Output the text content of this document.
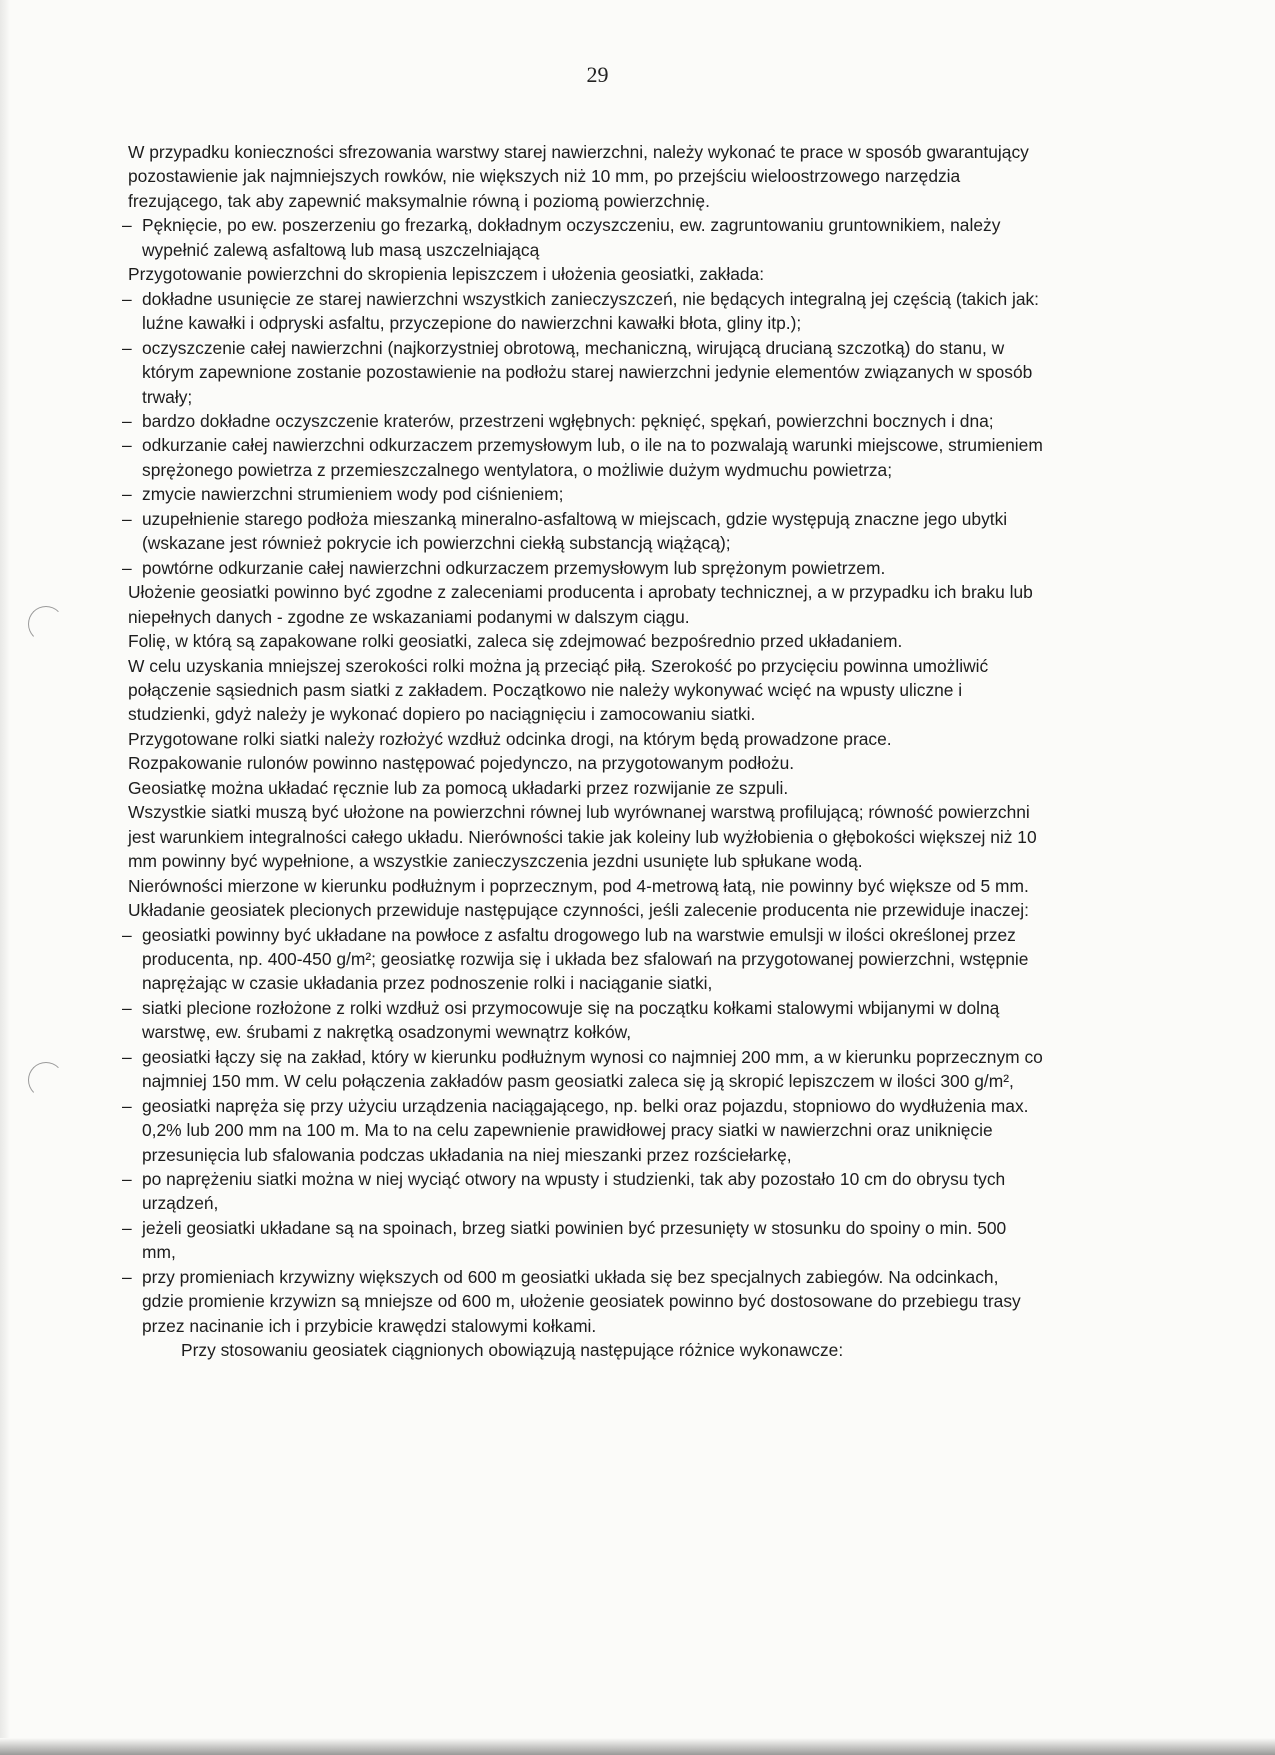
29

W przypadku konieczności sfrezowania warstwy starej nawierzchni, należy wykonać te prace w sposób gwarantujący pozostawienie jak najmniejszych rowków, nie większych niż 10 mm, po przejściu wieloostrzowego narzędzia frezującego, tak aby zapewnić maksymalnie równą i poziomą powierzchnię.

– Pęknięcie, po ew. poszerzeniu go frezarką, dokładnym oczyszczeniu, ew. zagruntowaniu gruntownikiem, należy wypełnić zalewą asfaltową lub masą uszczelniającą

Przygotowanie powierzchni do skropienia lepiszczem i ułożenia geosiatki, zakłada:

– dokładne usunięcie ze starej nawierzchni wszystkich zanieczyszczeń, nie będących integralną jej częścią (takich jak: luźne kawałki i odpryski asfaltu, przyczepione do nawierzchni kawałki błota, gliny itp.);
– oczyszczenie całej nawierzchni (najkorzystniej obrotową, mechaniczną, wirującą drucianą szczotką) do stanu, w którym zapewnione zostanie pozostawienie na podłożu starej nawierzchni jedynie elementów związanych w sposób trwały;
– bardzo dokładne oczyszczenie kraterów, przestrzeni wgłębnych: pęknięć, spękań, powierzchni bocznych i dna;
– odkurzanie całej nawierzchni odkurzaczem przemysłowym lub, o ile na to pozwalają warunki miejscowe, strumieniem sprężonego powietrza z przemieszczalnego wentylatora, o możliwie dużym wydmuchu powietrza;
– zmycie nawierzchni strumieniem wody pod ciśnieniem;
– uzupełnienie starego podłoża mieszanką mineralno-asfaltową w miejscach, gdzie występują znaczne jego ubytki (wskazane jest również pokrycie ich powierzchni ciekłą substancją wiążącą);
– powtórne odkurzanie całej nawierzchni odkurzaczem przemysłowym lub sprężonym powietrzem.

Ułożenie geosiatki powinno być zgodne z zaleceniami producenta i aprobaty technicznej, a w przypadku ich braku lub niepełnych danych - zgodne ze wskazaniami podanymi w dalszym ciągu.

Folię, w którą są zapakowane rolki geosiatki, zaleca się zdejmować bezpośrednio przed układaniem.

W celu uzyskania mniejszej szerokości rolki można ją przeciąć piłą. Szerokość po przycięciu powinna umożliwić połączenie sąsiednich pasm siatki z zakładem. Początkowo nie należy wykonywać wcięć na wpusty uliczne i studzienki, gdyż należy je wykonać dopiero po naciągnięciu i zamocowaniu siatki.

Przygotowane rolki siatki należy rozłożyć wzdłuż odcinka drogi, na którym będą prowadzone prace.

Rozpakowanie rulonów powinno następować pojedynczo, na przygotowanym podłożu.

Geosiatkę można układać ręcznie lub za pomocą układarki przez rozwijanie ze szpuli.

Wszystkie siatki muszą być ułożone na powierzchni równej lub wyrównanej warstwą profilującą; równość powierzchni jest warunkiem integralności całego układu. Nierówności takie jak koleiny lub wyżłobienia o głębokości większej niż 10 mm powinny być wypełnione, a wszystkie zanieczyszczenia jezdni usunięte lub spłukane wodą.

Nierówności mierzone w kierunku podłużnym i poprzecznym, pod 4-metrową łatą, nie powinny być większe od 5 mm.

Układanie geosiatek plecionych przewiduje następujące czynności, jeśli zalecenie producenta nie przewiduje inaczej:

– geosiatki powinny być układane na powłoce z asfaltu drogowego lub na warstwie emulsji w ilości określonej przez producenta, np. 400-450 g/m²; geosiatkę rozwija się i układa bez sfalowań na przygotowanej powierzchni, wstępnie naprężając w czasie układania przez podnoszenie rolki i naciąganie siatki,
– siatki plecione rozłożone z rolki wzdłuż osi przymocowuje się na początku kołkami stalowymi wbijanymi w dolną warstwę, ew. śrubami z nakrętką osadzonymi wewnątrz kołków,
– geosiatki łączy się na zakład, który w kierunku podłużnym wynosi co najmniej 200 mm, a w kierunku poprzecznym co najmniej 150 mm. W celu połączenia zakładów pasm geosiatki zaleca się ją skropić lepiszczem w ilości 300 g/m²,
– geosiatki napręża się przy użyciu urządzenia naciągającego, np. belki oraz pojazdu, stopniowo do wydłużenia max. 0,2% lub 200 mm na 100 m. Ma to na celu zapewnienie prawidłowej pracy siatki w nawierzchni oraz uniknięcie przesunięcia lub sfalowania podczas układania na niej mieszanki przez rozściełarkę,
– po naprężeniu siatki można w niej wyciąć otwory na wpusty i studzienki, tak aby pozostało 10 cm do obrysu tych urządzeń,
– jeżeli geosiatki układane są na spoinach, brzeg siatki powinien być przesunięty w stosunku do spoiny o min. 500 mm,
– przy promieniach krzywizny większych od 600 m geosiatki układa się bez specjalnych zabiegów. Na odcinkach, gdzie promienie krzywizn są mniejsze od 600 m, ułożenie geosiatek powinno być dostosowane do przebiegu trasy przez nacinanie ich i przybicie krawędzi stalowymi kołkami.

Przy stosowaniu geosiatek ciągnionych obowiązują następujące różnice wykonawcze:
